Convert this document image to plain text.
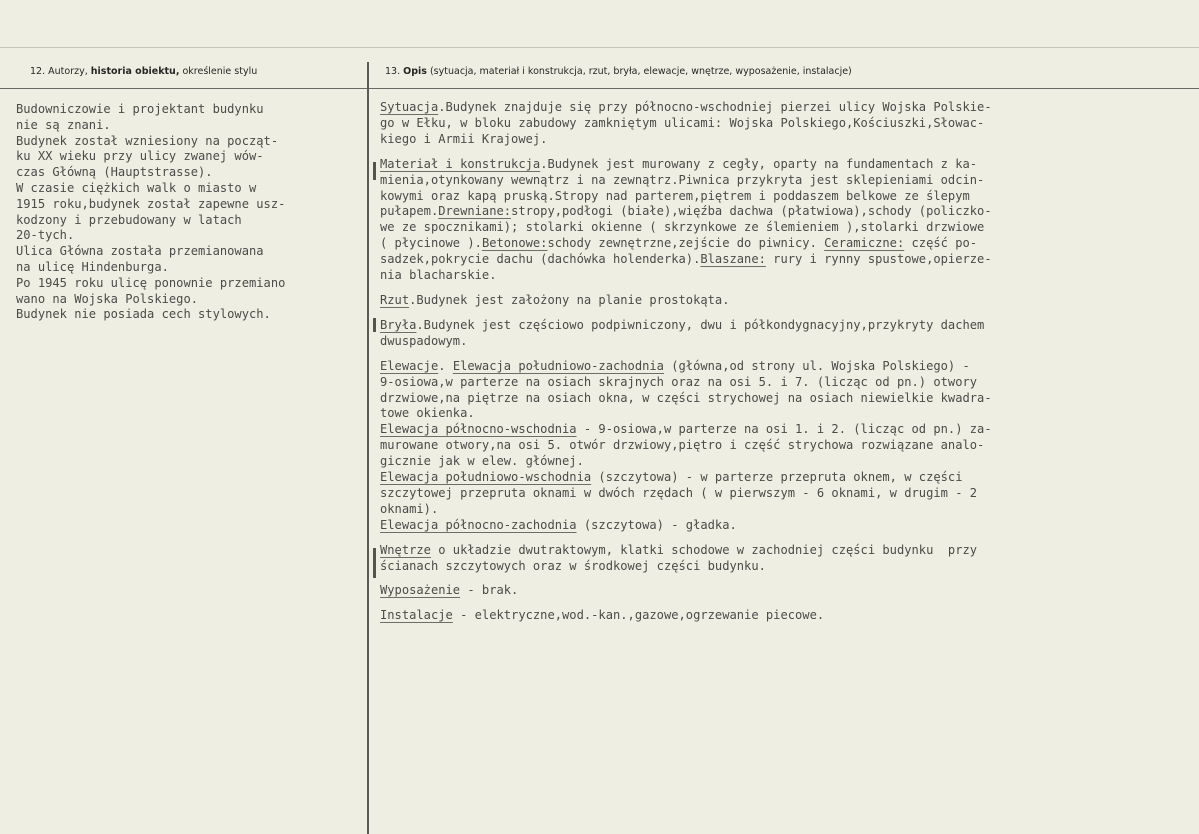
12. Autorzy, historia obiektu, określenie stylu	13. Opis (sytuacja, materiał i konstrukcja, rzut, bryła, elewacje, wnętrze, wyposażenie, instalacje)
Budowniczowie i projektant budynku
nie są znani.
Budynek został wzniesiony na począt-
ku XX wieku przy ulicy zwanej wów-
czas Główną (Hauptstrasse).
W czasie ciężkich walk o miasto w
1915 roku,budynek został zapewne usz-
kodzony i przebudowany w latach
20-tych.
Ulica Główna została przemianowana
na ulicę Hindenburga.
Po 1945 roku ulicę ponownie przemiano
wano na Wojska Polskiego.
Budynek nie posiada cech stylowych.
Sytuacja.Budynek znajduje się przy północno-wschodniej pierzei ulicy Wojska Polskie-
go w Ełku, w bloku zabudowy zamkniętym ulicami: Wojska Polskiego,Kościuszki,Słowac-
kiego i Armii Krajowej.
Materiał i konstrukcja.Budynek jest murowany z cegły, oparty na fundamentach z ka-
mienia,otynkowany wewnątrz i na zewnątrz.Piwnica przykryta jest sklepieniami odcin-
kowymi oraz kapą pruską.Stropy nad parterem,piętrem i poddaszem belkowe ze ślepym
pułapem.Drewniane:stropy,podłogi (białe),więźba dachwa (płatwiowa),schody (policzko-
we ze spocznikami); stolarki okienne ( skrzynkowe ze ślemieniem ),stolarki drzwiowe
( płycinowe ).Betonowe:schody zewnętrzne,zejście do piwnicy. Ceramiczne: część po-
sadzek,pokrycie dachu (dachówka holenderka).Blaszane: rury i rynny spustowe,opierze-
nia blacharskie.
Rzut.Budynek jest założony na planie prostokąta.
Bryła.Budynek jest częściowo podpiwniczony, dwu i półkondygnacyjny,przykryty dachem
dwuspadowym.
Elewacje. Elewacja południowo-zachodnia (główna,od strony ul. Wojska Polskiego) -
9-osiowa,w parterze na osiach skrajnych oraz na osi 5. i 7. (licząc od pn.) otwory
drzwiowe,na piętrze na osiach okna, w części strychowej na osiach niewielkie kwadra-
towe okienka.
Elewacja północno-wschodnia - 9-osiowa,w parterze na osi 1. i 2. (licząc od pn.) za-
murowane otwory,na osi 5. otwór drzwiowy,piętro i część strychowa rozwiązane analo-
gicznie jak w elew. głównej.
Elewacja południowo-wschodnia (szczytowa) - w parterze przepruta oknem, w części
szczytowej przepruta oknami w dwóch rzędach ( w pierwszym - 6 oknami, w drugim - 2
oknami).
Elewacja północno-zachodnia (szczytowa) - gładka.
Wnętrze o układzie dwutraktowym, klatki schodowe w zachodniej części budynku  przy
ścianach szczytowych oraz w środkowej części budynku.
Wyposażenie - brak.
Instalacje - elektryczne,wod.-kan.,gazowe,ogrzewanie piecowe.
